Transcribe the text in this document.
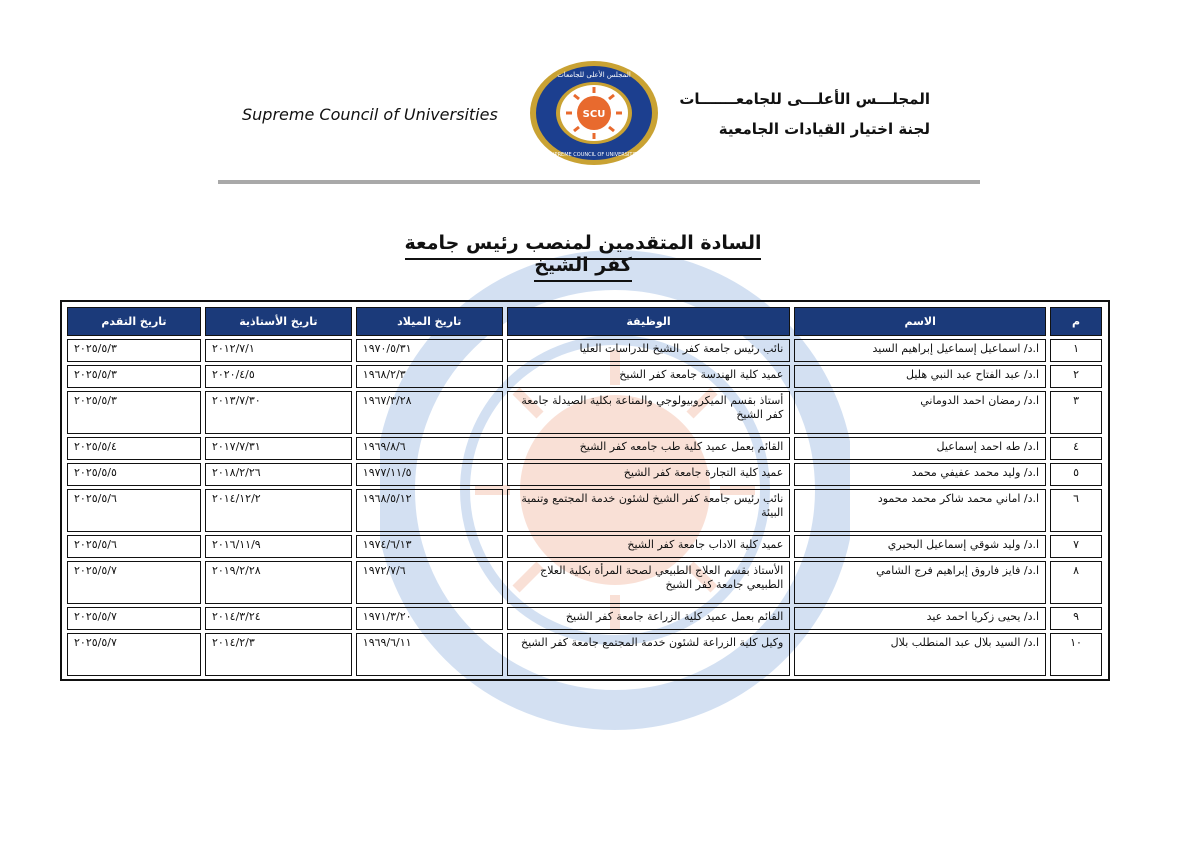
Supreme Council of Universities	SCU
المجلس الأعلى للجامعات
SUPREME COUNCIL OF UNIVERSITIES
المجلـــس الأعلـــى للجامعـــــــات
لجنة اختيار القيادات الجامعية
السادة المتقدمين لمنصب رئيس جامعة كفر الشيخ
م	الاسم	الوظيفة	تاريخ الميلاد	تاريخ الأستاذية	تاريخ التقدم
١	ا.د/ اسماعيل إسماعيل إبراهيم السيد	نائب رئيس جامعة كفر الشيخ للدراسات العليا	١٩٧٠/٥/٣١	٢٠١٢/٧/١	٢٠٢٥/٥/٣
٢	ا.د/ عبد الفتاح عبد النبي هليل	عميد كلية الهندسة جامعة كفر الشيخ	١٩٦٨/٢/٣	٢٠٢٠/٤/٥	٢٠٢٥/٥/٣
٣	ا.د/ رمضان احمد الدوماني	أستاذ بقسم الميكروبيولوجي والمناعة بكلية الصيدلة جامعة كفر الشيخ	١٩٦٧/٣/٢٨	٢٠١٣/٧/٣٠	٢٠٢٥/٥/٣
٤	ا.د/ طه احمد إسماعيل	القائم بعمل عميد كلية طب جامعه كفر الشيخ	١٩٦٩/٨/٦	٢٠١٧/٧/٣١	٢٠٢٥/٥/٤
٥	ا.د/ وليد محمد عفيفي محمد	عميد كلية التجارة جامعة كفر الشيخ	١٩٧٧/١١/٥	٢٠١٨/٢/٢٦	٢٠٢٥/٥/٥
٦	ا.د/ اماني محمد شاكر محمد محمود	نائب رئيس جامعة كفر الشيخ لشئون خدمة المجتمع وتنمية البيئة	١٩٦٨/٥/١٢	٢٠١٤/١٢/٢	٢٠٢٥/٥/٦
٧	ا.د/ وليد شوقي إسماعيل البحيري	عميد كلية الاداب جامعة كفر الشيخ	١٩٧٤/٦/١٣	٢٠١٦/١١/٩	٢٠٢٥/٥/٦
٨	ا.د/ فايز فاروق إبراهيم فرج الشامي	الأستاذ بقسم العلاج الطبيعي لصحة المرأة بكلية العلاج الطبيعي جامعة كفر الشيخ	١٩٧٢/٧/٦	٢٠١٩/٢/٢٨	٢٠٢٥/٥/٧
٩	ا.د/ يحيى زكريا احمد عيد	القائم بعمل عميد كلية الزراعة جامعة كفر الشيخ	١٩٧١/٣/٢٠	٢٠١٤/٣/٢٤	٢٠٢٥/٥/٧
١٠	ا.د/ السيد بلال عبد المنطلب بلال	وكيل كلية الزراعة لشئون خدمة المجتمع جامعة كفر الشيخ	١٩٦٩/٦/١١	٢٠١٤/٢/٣	٢٠٢٥/٥/٧
